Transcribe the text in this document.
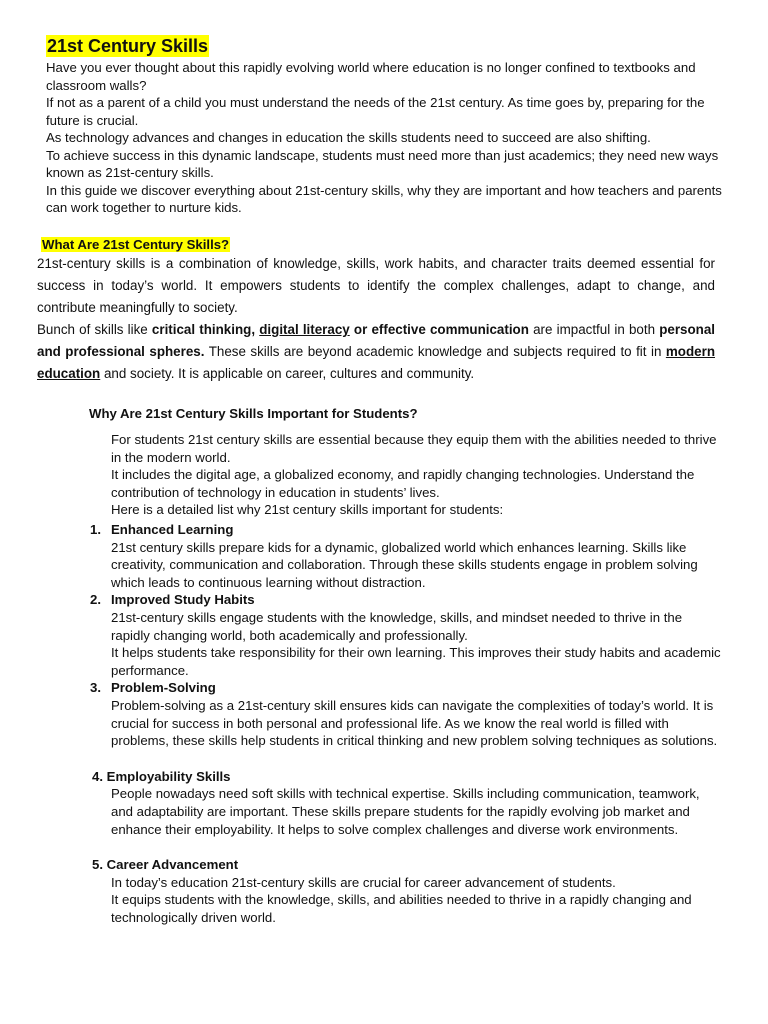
21st Century Skills

Have you ever thought about this rapidly evolving world where education is no longer confined to textbooks and classroom walls?

If not as a parent of a child you must understand the needs of the 21st century. As time goes by, preparing for the future is crucial.

As technology advances and changes in education the skills students need to succeed are also shifting.

To achieve success in this dynamic landscape, students must need more than just academics; they need new ways known as 21st-century skills.

In this guide we discover everything about 21st-century skills, why they are important and how teachers and parents can work together to nurture kids.

What Are 21st Century Skills?

21st-century skills is a combination of knowledge, skills, work habits, and character traits deemed essential for success in today’s world. It empowers students to identify the complex challenges, adapt to change, and contribute meaningfully to society.

Bunch of skills like critical thinking, digital literacy or effective communication are impactful in both personal and professional spheres. These skills are beyond academic knowledge and subjects required to fit in modern education and society. It is applicable on career, cultures and community.

Why Are 21st Century Skills Important for Students?

For students 21st century skills are essential because they equip them with the abilities needed to thrive in the modern world.

It includes the digital age, a globalized economy, and rapidly changing technologies. Understand the contribution of technology in education in students’ lives.

Here is a detailed list why 21st century skills important for students:

1. Enhanced Learning

21st century skills prepare kids for a dynamic, globalized world which enhances learning. Skills like creativity, communication and collaboration. Through these skills students engage in problem solving which leads to continuous learning without distraction.

2. Improved Study Habits

21st-century skills engage students with the knowledge, skills, and mindset needed to thrive in the rapidly changing world, both academically and professionally.

It helps students take responsibility for their own learning. This improves their study habits and academic performance.

3. Problem-Solving

Problem-solving as a 21st-century skill ensures kids can navigate the complexities of today’s world. It is crucial for success in both personal and professional life. As we know the real world is filled with problems, these skills help students in critical thinking and new problem solving techniques as solutions.

4. Employability Skills

People nowadays need soft skills with technical expertise. Skills including communication, teamwork, and adaptability are important. These skills prepare students for the rapidly evolving job market and enhance their employability. It helps to solve complex challenges and diverse work environments.

5. Career Advancement

In today’s education 21st-century skills are crucial for career advancement of students.

It equips students with the knowledge, skills, and abilities needed to thrive in a rapidly changing and technologically driven world.
